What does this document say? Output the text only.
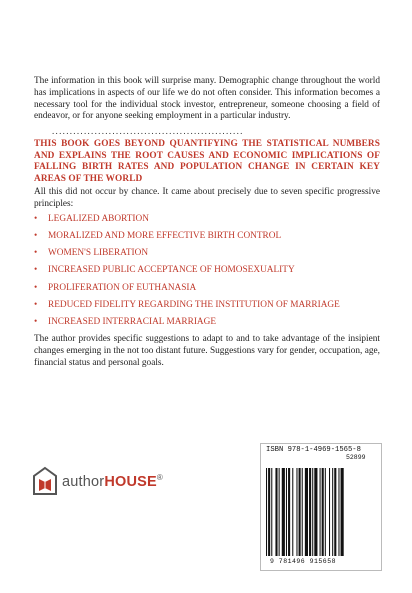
The information in this book will surprise many. Demographic change throughout the world has implications in aspects of our life we do not often consider. This information becomes a necessary tool for the individual stock investor, entrepreneur, someone choosing a field of endeavor, or for anyone seeking employment in a particular industry.

......................................................

THIS BOOK GOES BEYOND QUANTIFYING THE STATISTICAL NUMBERS AND EXPLAINS THE ROOT CAUSES AND ECONOMIC IMPLICATIONS OF FALLING BIRTH RATES AND POPULATION CHANGE IN CERTAIN KEY AREAS OF THE WORLD

All this did not occur by chance. It came about precisely due to seven specific progressive principles:

• LEGALIZED ABORTION
• MORALIZED AND MORE EFFECTIVE BIRTH CONTROL
• WOMEN'S LIBERATION
• INCREASED PUBLIC ACCEPTANCE OF HOMOSEXUALITY
• PROLIFERATION OF EUTHANASIA
• REDUCED FIDELITY REGARDING THE INSTITUTION OF MARRIAGE
• INCREASED INTERRACIAL MARRIAGE

The author provides specific suggestions to adapt to and to take advantage of the insipient changes emerging in the not too distant future. Suggestions vary for gender, occupation, age, financial status and personal goals.

authorHOUSE®
ISBN 978-1-4969-1565-8
52899
9 781496 915658
